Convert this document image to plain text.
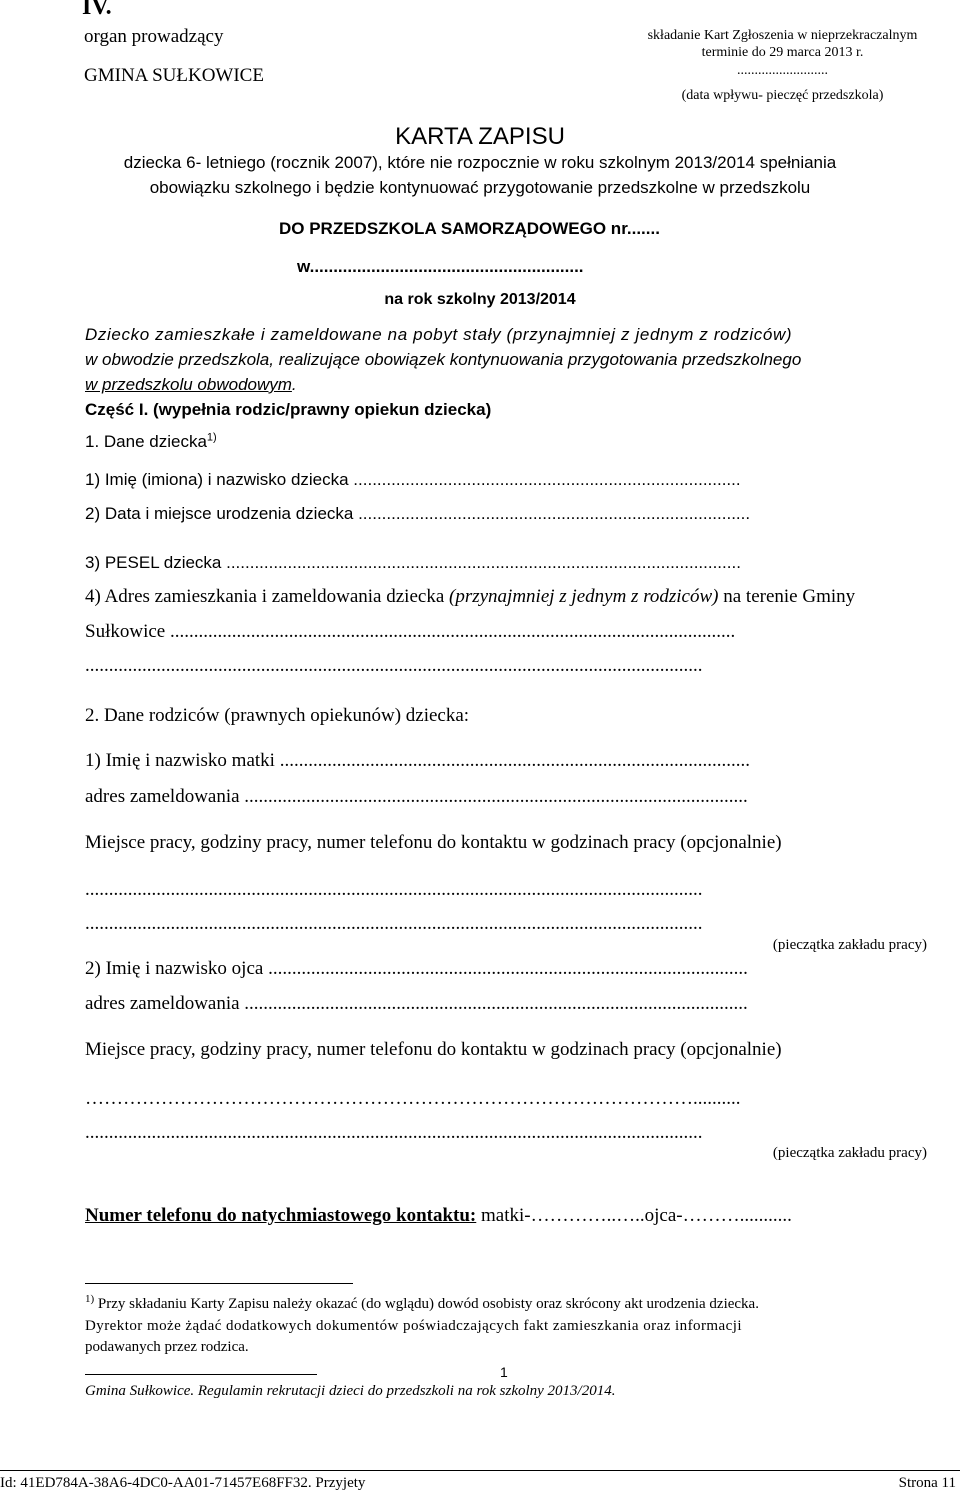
IV.
organ prowadzący
GMINA SUŁKOWICE
składanie Kart Zgłoszenia w nieprzekraczalnym
terminie do 29 marca 2013 r.
..........................
(data wpływu- pieczęć przedszkola)
KARTA ZAPISU
dziecka 6- letniego (rocznik 2007), które nie rozpocznie w roku szkolnym 2013/2014 spełniania
obowiązku szkolnego i będzie kontynuować przygotowanie przedszkolne w przedszkolu
DO PRZEDSZKOLA SAMORZĄDOWEGO nr.......
w..........................................................
na rok szkolny 2013/2014
Dziecko zamieszkałe i zameldowane na pobyt stały (przynajmniej z jednym z rodziców)
w obwodzie przedszkola, realizujące obowiązek kontynuowania przygotowania przedszkolnego
w przedszkolu obwodowym.
Część I. (wypełnia rodzic/prawny opiekun dziecka)
1. Dane dziecka$^{1)}$
1) Imię (imiona) i nazwisko dziecka ..................................................................................
2) Data i miejsce urodzenia dziecka ...................................................................................
3) PESEL dziecka .............................................................................................................
4) Adres zamieszkania i zameldowania dziecka (przynajmniej z jednym z rodziców) na terenie Gminy
Sułkowice .......................................................................................................................
..................................................................................................................................
2. Dane rodziców (prawnych opiekunów) dziecka:
1) Imię i nazwisko matki ...................................................................................................
adres zameldowania ..........................................................................................................
Miejsce pracy, godziny pracy, numer telefonu do kontaktu w godzinach pracy (opcjonalnie)
..................................................................................................................................
..................................................................................................................................
(pieczątka zakładu pracy)
2) Imię i nazwisko ojca .....................................................................................................
adres zameldowania ..........................................................................................................
Miejsce pracy, godziny pracy, numer telefonu do kontaktu w godzinach pracy (opcjonalnie)
……………………………………………………………………………………..........
..................................................................................................................................
(pieczątka zakładu pracy)
Numer telefonu do natychmiastowego kontaktu: matki-…………..…..ojca-………...........
$^{1)}$ Przy składaniu Karty Zapisu należy okazać (do wglądu) dowód osobisty oraz skrócony akt urodzenia dziecka.
Dyrektor może żądać dodatkowych dokumentów poświadczających fakt zamieszkania oraz informacji
podawanych przez rodzica.
1
Gmina Sułkowice. Regulamin rekrutacji dzieci do przedszkoli na rok szkolny 2013/2014.
Id: 41ED784A-38A6-4DC0-AA01-71457E68FF32. Przyjety	Strona 11
